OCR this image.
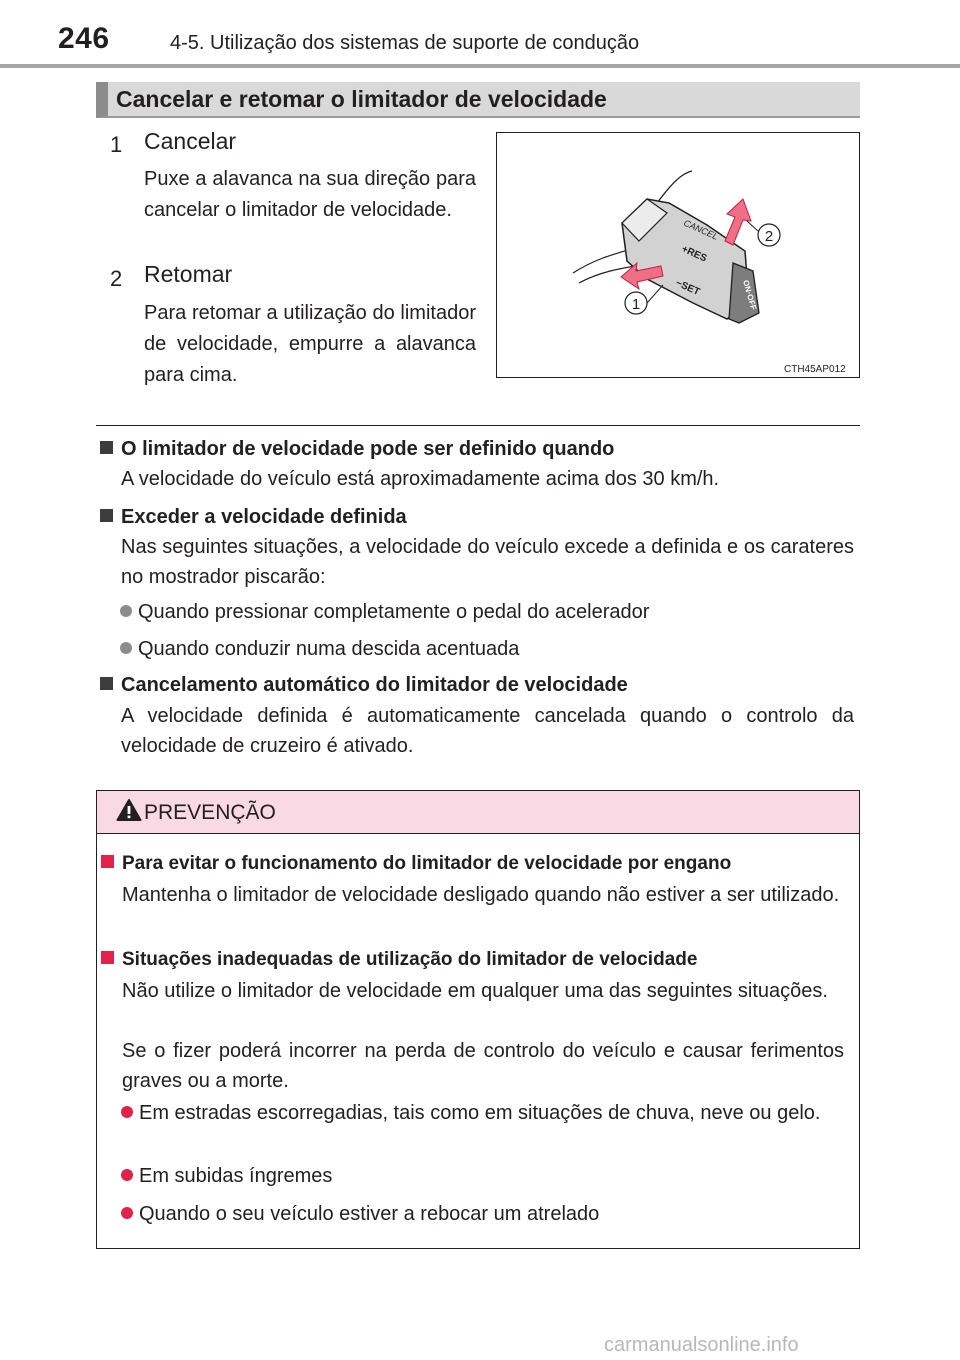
246	4-5. Utilização dos sistemas de suporte de condução
Cancelar e retomar o limitador de velocidade
1 Cancelar
Puxe a alavanca na sua direção para cancelar o limitador de velocidade.
2 Retomar
Para retomar a utilização do limitador de velocidade, empurre a alavanca para cima.
CANCEL
+RES
−SET	ON·OFF
1
2
CTH45AP012
O limitador de velocidade pode ser definido quando
A velocidade do veículo está aproximadamente acima dos 30 km/h.
Exceder a velocidade definida
Nas seguintes situações, a velocidade do veículo excede a definida e os carateres no mostrador piscarão:
Quando pressionar completamente o pedal do acelerador
Quando conduzir numa descida acentuada
Cancelamento automático do limitador de velocidade
A velocidade definida é automaticamente cancelada quando o controlo da velocidade de cruzeiro é ativado.
PREVENÇÃO
Para evitar o funcionamento do limitador de velocidade por engano
Mantenha o limitador de velocidade desligado quando não estiver a ser utilizado.
Situações inadequadas de utilização do limitador de velocidade
Não utilize o limitador de velocidade em qualquer uma das seguintes situações.
Se o fizer poderá incorrer na perda de controlo do veículo e causar ferimentos graves ou a morte.
Em estradas escorregadias, tais como em situações de chuva, neve ou gelo.
Em subidas íngremes
Quando o seu veículo estiver a rebocar um atrelado
carmanualsonline.info
